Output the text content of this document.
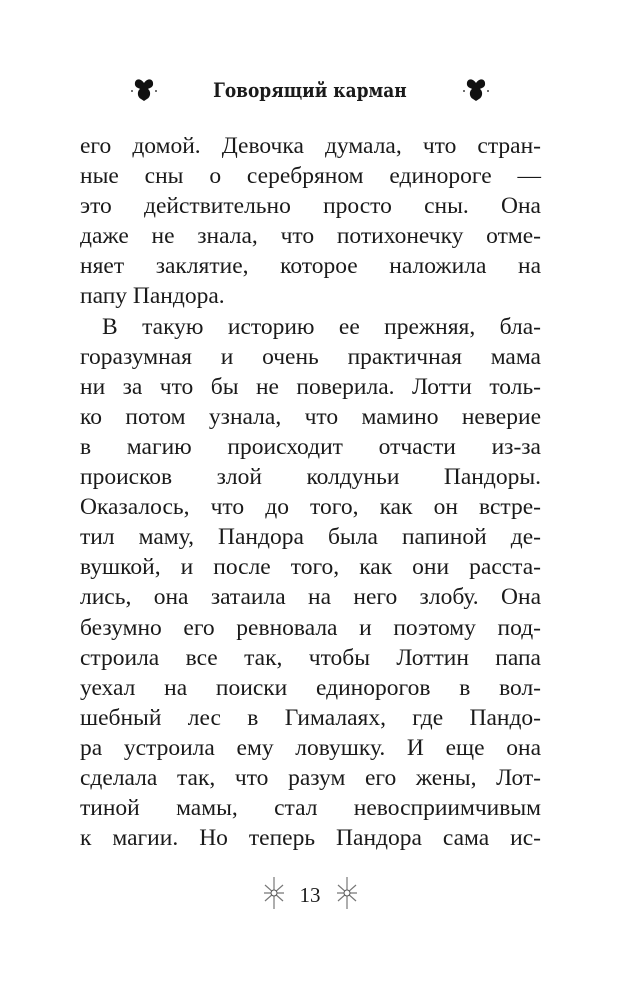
Говорящий карман
его домой. Девочка думала, что стран-
ные сны о серебряном единороге —
это действительно просто сны. Она
даже не знала, что потихонечку отме-
няет заклятие, которое наложила на
папу Пандора.
В такую историю ее прежняя, бла-
горазумная и очень практичная мама
ни за что бы не поверила. Лотти толь-
ко потом узнала, что мамино неверие
в магию происходит отчасти из-за
происков злой колдуньи Пандоры.
Оказалось, что до того, как он встре-
тил маму, Пандора была папиной де-
вушкой, и после того, как они расста-
лись, она затаила на него злобу. Она
безумно его ревновала и поэтому под-
строила все так, чтобы Лоттин папа
уехал на поиски единорогов в вол-
шебный лес в Гималаях, где Пандо-
ра устроила ему ловушку. И еще она
сделала так, что разум его жены, Лот-
тиной мамы, стал невосприимчивым
к магии. Но теперь Пандора сама ис-
13
